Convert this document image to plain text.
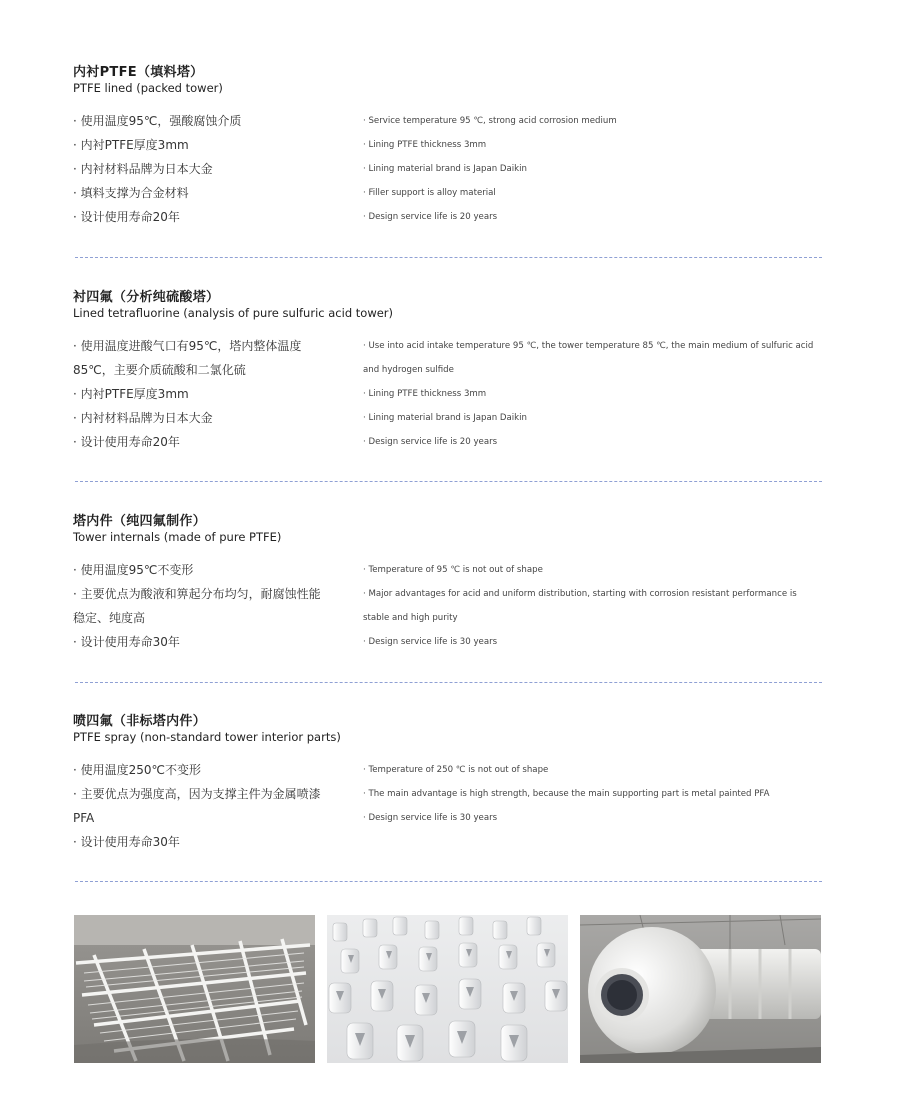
内衬PTFE（填料塔）
PTFE lined (packed tower)
· 使用温度95℃，强酸腐蚀介质
· 内衬PTFE厚度3mm
· 内衬材料品牌为日本大金
· 填料支撑为合金材料
· 设计使用寿命20年
· Service temperature 95 ℃, strong acid corrosion medium
· Lining PTFE thickness 3mm
· Lining material brand is Japan Daikin
· Filler support is alloy material
· Design service life is 20 years
衬四氟（分析纯硫酸塔）
Lined tetrafluorine (analysis of pure sulfuric acid tower)
· 使用温度进酸气口有95℃，塔内整体温度85℃，主要介质硫酸和二氯化硫
· 内衬PTFE厚度3mm
· 内衬材料品牌为日本大金
· 设计使用寿命20年
· Use into acid intake temperature 95 ℃, the tower temperature 85 ℃, the main medium of sulfuric acid and hydrogen sulfide
· Lining PTFE thickness 3mm
· Lining material brand is Japan Daikin
· Design service life is 20 years
塔内件（纯四氟制作）
Tower internals (made of pure PTFE)
· 使用温度95℃不变形
· 主要优点为酸液和箅起分布均匀，耐腐蚀性能稳定、纯度高
· 设计使用寿命30年
· Temperature of 95 ℃ is not out of shape
· Major advantages for acid and uniform distribution, starting with corrosion resistant performance is stable and high purity
· Design service life is 30 years
喷四氟（非标塔内件）
PTFE spray (non-standard tower interior parts)
· 使用温度250℃不变形
· 主要优点为强度高，因为支撑主件为金属喷漆PFA
· 设计使用寿命30年
· Temperature of 250 ℃ is not out of shape
· The main advantage is high strength, because the main supporting part is metal painted PFA
· Design service life is 30 years
